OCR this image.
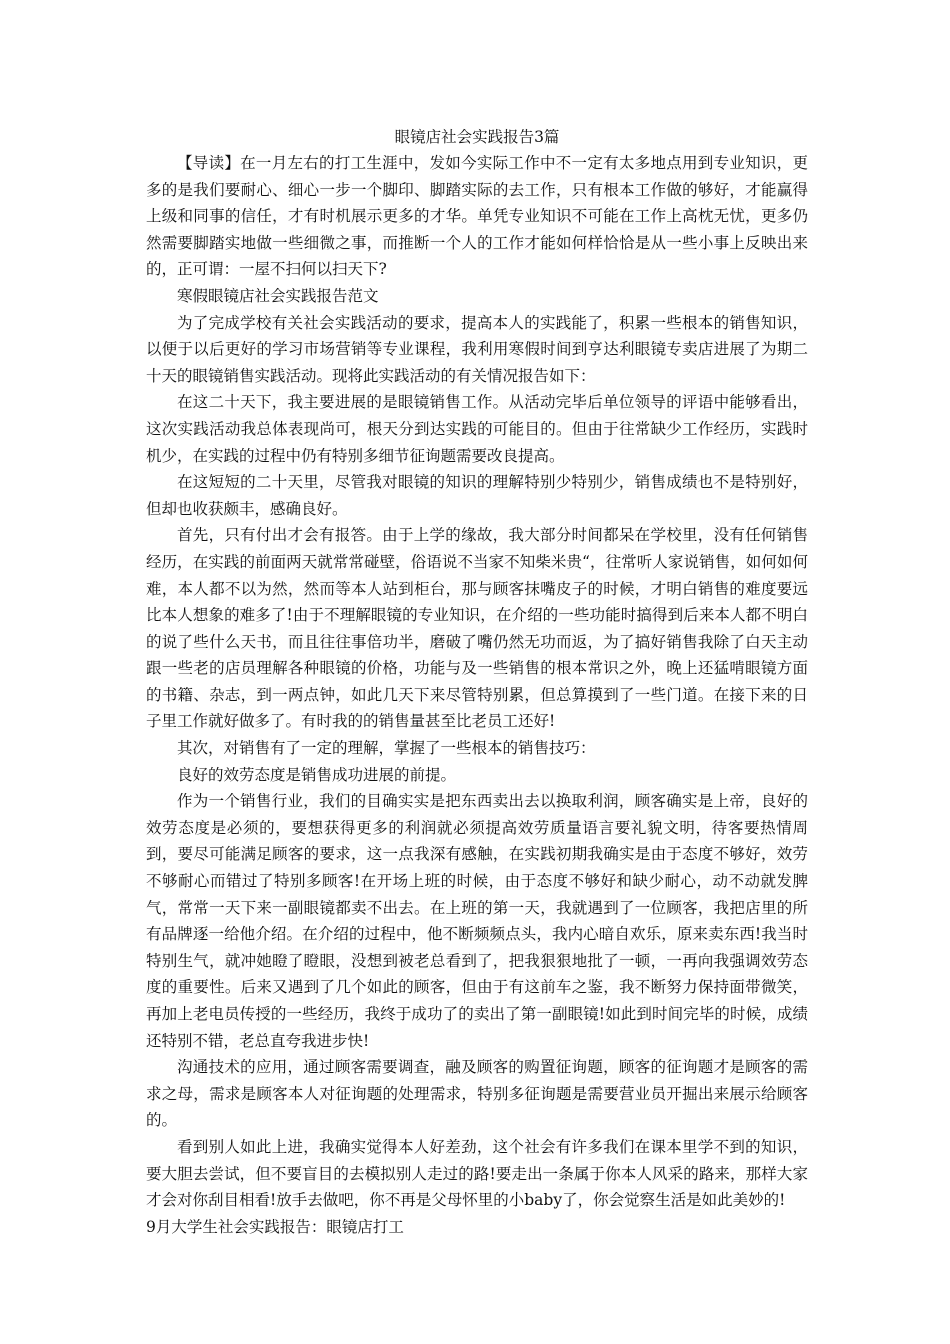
眼镜店社会实践报告3篇

【导读】在一月左右的打工生涯中，发如今实际工作中不一定有太多地点用到专业知识，更多的是我们要耐心、细心一步一个脚印、脚踏实际的去工作，只有根本工作做的够好，才能赢得上级和同事的信任，才有时机展示更多的才华。单凭专业知识不可能在工作上高枕无忧，更多仍然需要脚踏实地做一些细微之事，而推断一个人的工作才能如何样恰恰是从一些小事上反映出来的，正可谓：一屋不扫何以扫天下?

寒假眼镜店社会实践报告范文

为了完成学校有关社会实践活动的要求，提高本人的实践能了，积累一些根本的销售知识，以便于以后更好的学习市场营销等专业课程，我利用寒假时间到亨达利眼镜专卖店进展了为期二十天的眼镜销售实践活动。现将此实践活动的有关情况报告如下：

在这二十天下，我主要进展的是眼镜销售工作。从活动完毕后单位领导的评语中能够看出，这次实践活动我总体表现尚可，根天分到达实践的可能目的。但由于往常缺少工作经历，实践时机少，在实践的过程中仍有特别多细节征询题需要改良提高。

在这短短的二十天里，尽管我对眼镜的知识的理解特别少特别少，销售成绩也不是特别好，但却也收获颇丰，感确良好。

首先，只有付出才会有报答。由于上学的缘故，我大部分时间都呆在学校里，没有任何销售经历，在实践的前面两天就常常碰壁，俗语说不当家不知柴米贵“，往常听人家说销售，如何如何难，本人都不以为然，然而等本人站到柜台，那与顾客抹嘴皮子的时候，才明白销售的难度要远比本人想象的难多了!由于不理解眼镜的专业知识，在介绍的一些功能时搞得到后来本人都不明白的说了些什么天书，而且往往事倍功半，磨破了嘴仍然无功而返，为了搞好销售我除了白天主动跟一些老的店员理解各种眼镜的价格，功能与及一些销售的根本常识之外，晚上还猛啃眼镜方面的书籍、杂志，到一两点钟，如此几天下来尽管特别累，但总算摸到了一些门道。在接下来的日子里工作就好做多了。有时我的的销售量甚至比老员工还好!

其次，对销售有了一定的理解，掌握了一些根本的销售技巧：

良好的效劳态度是销售成功进展的前提。

作为一个销售行业，我们的目确实实是把东西卖出去以换取利润，顾客确实是上帝，良好的效劳态度是必须的，要想获得更多的利润就必须提高效劳质量语言要礼貌文明，待客要热情周到，要尽可能满足顾客的要求，这一点我深有感触，在实践初期我确实是由于态度不够好，效劳不够耐心而错过了特别多顾客!在开场上班的时候，由于态度不够好和缺少耐心，动不动就发脾气，常常一天下来一副眼镜都卖不出去。在上班的第一天，我就遇到了一位顾客，我把店里的所有品牌逐一给他介绍。在介绍的过程中，他不断频频点头，我内心暗自欢乐，原来卖东西!我当时特别生气，就冲她瞪了瞪眼，没想到被老总看到了，把我狠狠地批了一顿，一再向我强调效劳态度的重要性。后来又遇到了几个如此的顾客，但由于有这前车之鉴，我不断努力保持面带微笑，再加上老电员传授的一些经历，我终于成功了的卖出了第一副眼镜!如此到时间完毕的时候，成绩还特别不错，老总直夸我进步快!

沟通技术的应用，通过顾客需要调查，融及顾客的购置征询题，顾客的征询题才是顾客的需求之母，需求是顾客本人对征询题的处理需求，特别多征询题是需要营业员开掘出来展示给顾客的。

看到别人如此上进，我确实觉得本人好差劲，这个社会有许多我们在课本里学不到的知识，要大胆去尝试，但不要盲目的去模拟别人走过的路!要走出一条属于你本人风采的路来，那样大家才会对你刮目相看!放手去做吧，你不再是父母怀里的小baby了，你会觉察生活是如此美妙的!

9月大学生社会实践报告：眼镜店打工
